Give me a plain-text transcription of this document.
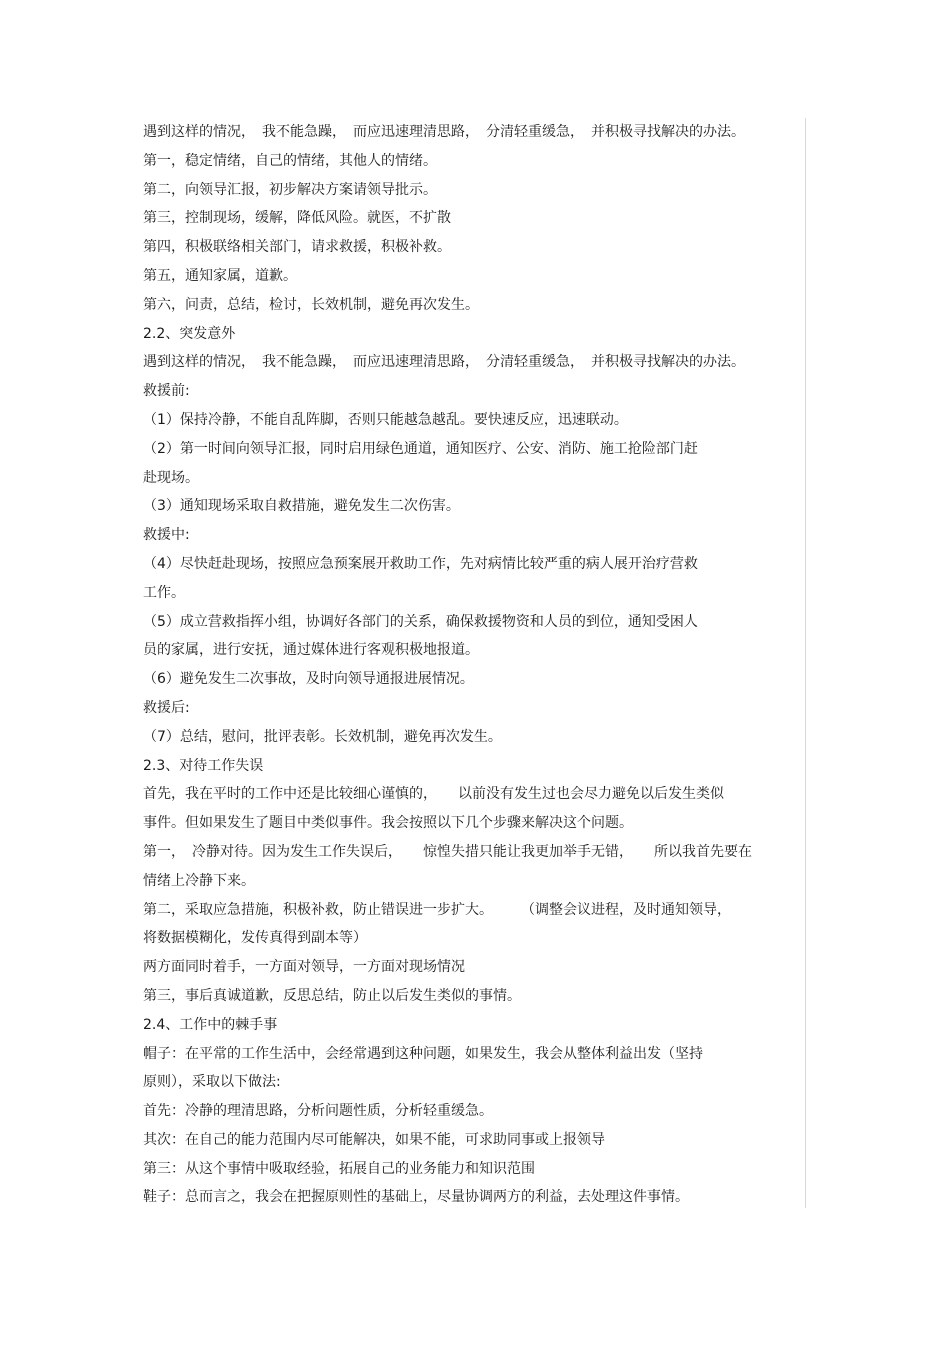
遇到这样的情况，　我不能急躁，　而应迅速理清思路，　分清轻重缓急，　并积极寻找解决的办法。
第一，稳定情绪，自己的情绪，其他人的情绪。
第二，向领导汇报，初步解决方案请领导批示。
第三，控制现场，缓解，降低风险。就医，不扩散
第四，积极联络相关部门，请求救援，积极补救。
第五，通知家属，道歉。
第六，问责，总结，检讨，长效机制，避免再次发生。
2.2、突发意外
遇到这样的情况，　我不能急躁，　而应迅速理清思路，　分清轻重缓急，　并积极寻找解决的办法。
救援前:
（1）保持冷静，不能自乱阵脚，否则只能越急越乱。要快速反应，迅速联动。
（2）第一时间向领导汇报，同时启用绿色通道，通知医疗、公安、消防、施工抢险部门赶
赴现场。
（3）通知现场采取自救措施，避免发生二次伤害。
救援中:
（4）尽快赶赴现场，按照应急预案展开救助工作，先对病情比较严重的病人展开治疗营救
工作。
（5）成立营救指挥小组，协调好各部门的关系，确保救援物资和人员的到位，通知受困人
员的家属，进行安抚，通过媒体进行客观积极地报道。
（6）避免发生二次事故，及时向领导通报进展情况。
救援后:
（7）总结，慰问，批评表彰。长效机制，避免再次发生。
2.3、对待工作失误
首先，我在平时的工作中还是比较细心谨慎的，　　以前没有发生过也会尽力避免以后发生类似
事件。但如果发生了题目中类似事件。我会按照以下几个步骤来解决这个问题。
第一，　冷静对待。因为发生工作失误后，　　惊惶失措只能让我更加举手无错，　　所以我首先要在
情绪上冷静下来。
第二，采取应急措施，积极补救，防止错误进一步扩大。　　　（调整会议进程，及时通知领导，
将数据模糊化，发传真得到副本等）
两方面同时着手，一方面对领导，一方面对现场情况
第三，事后真诚道歉，反思总结，防止以后发生类似的事情。
2.4、工作中的棘手事
帽子：在平常的工作生活中，会经常遇到这种问题，如果发生，我会从整体利益出发（坚持
原则），采取以下做法:
首先：冷静的理清思路，分析问题性质，分析轻重缓急。
其次：在自己的能力范围内尽可能解决，如果不能，可求助同事或上报领导
第三：从这个事情中吸取经验，拓展自己的业务能力和知识范围
鞋子：总而言之，我会在把握原则性的基础上，尽量协调两方的利益，去处理这件事情。
